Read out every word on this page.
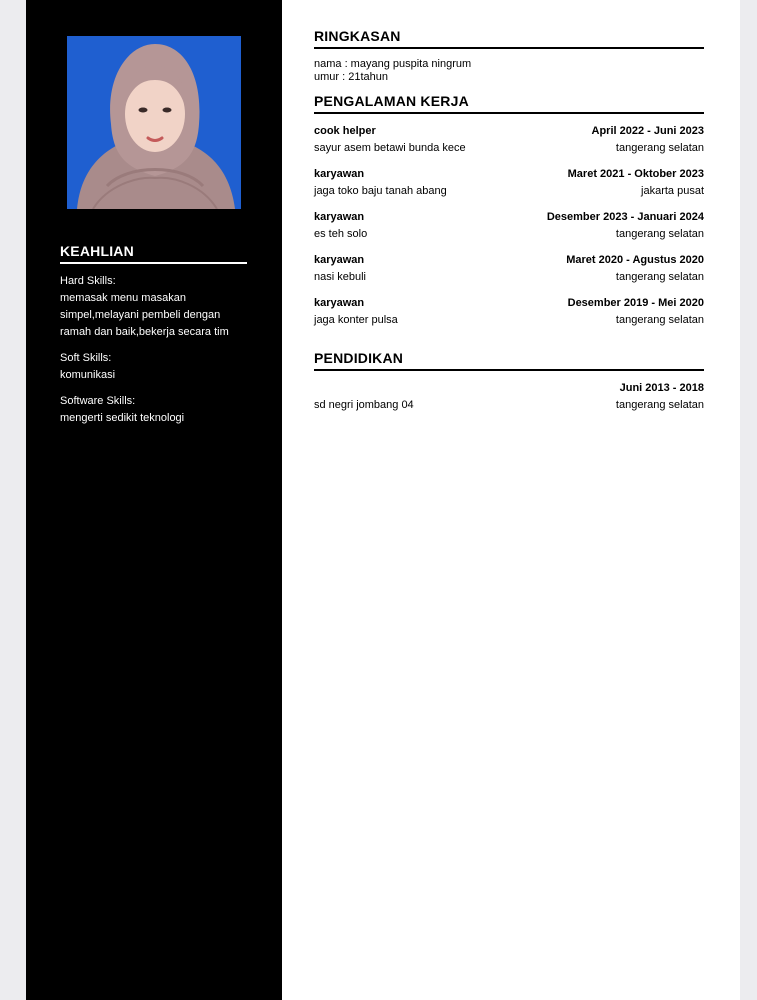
KEAHLIAN
Hard Skills:
memasak menu masakan simpel,melayani pembeli dengan ramah dan baik,bekerja secara tim
Soft Skills:
komunikasi
Software Skills:
mengerti sedikit teknologi
RINGKASAN
nama : mayang puspita ningrum
umur : 21tahun
PENGALAMAN KERJA
cook helper	April 2022 - Juni 2023
sayur asem betawi bunda kece	tangerang selatan
karyawan	Maret 2021 - Oktober 2023
jaga toko baju tanah abang	jakarta pusat
karyawan	Desember 2023 - Januari 2024
es teh solo	tangerang selatan
karyawan	Maret 2020 - Agustus 2020
nasi kebuli	tangerang selatan
karyawan	Desember 2019 - Mei 2020
jaga konter pulsa	tangerang selatan
PENDIDIKAN
Juni 2013 - 2018
sd negri jombang 04	tangerang selatan
